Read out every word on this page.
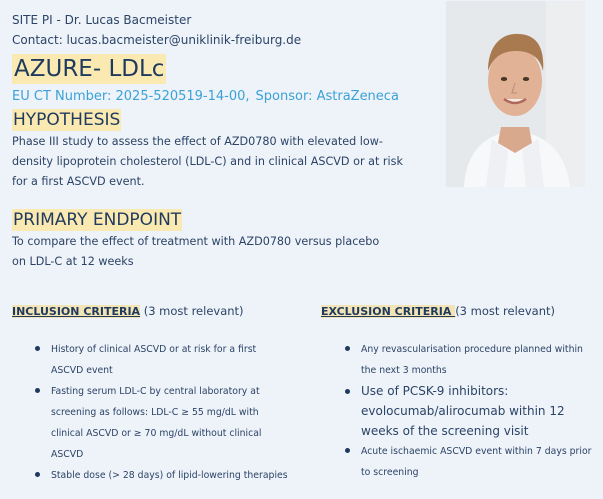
SITE PI - Dr. Lucas Bacmeister
Contact: lucas.bacmeister@uniklinik-freiburg.de
AZURE- LDLc
EU CT Number: 2025-520519-14-00, Sponsor: AstraZeneca
HYPOTHESIS
Phase III study to assess the effect of AZD0780 with elevated low-density lipoprotein cholesterol (LDL-C) and in clinical ASCVD or at risk for a first ASCVD event.
PRIMARY ENDPOINT
To compare the effect of treatment with AZD0780 versus placebo on LDL-C at 12 weeks
INCLUSION CRITERIA (3 most relevant)	EXCLUSION CRITERIA (3 most relevant)
History of clinical ASCVD or at risk for a first ASCVD event
Fasting serum LDL-C by central laboratory at screening as follows: LDL-C ≥ 55 mg/dL with clinical ASCVD or ≥ 70 mg/dL without clinical ASCVD
Stable dose (> 28 days) of lipid-lowering therapies
Any revascularisation procedure planned within the next 3 months
Use of PCSK-9 inhibitors: evolocumab/alirocumab within 12 weeks of the screening visit
Acute ischaemic ASCVD event within 7 days prior to screening
